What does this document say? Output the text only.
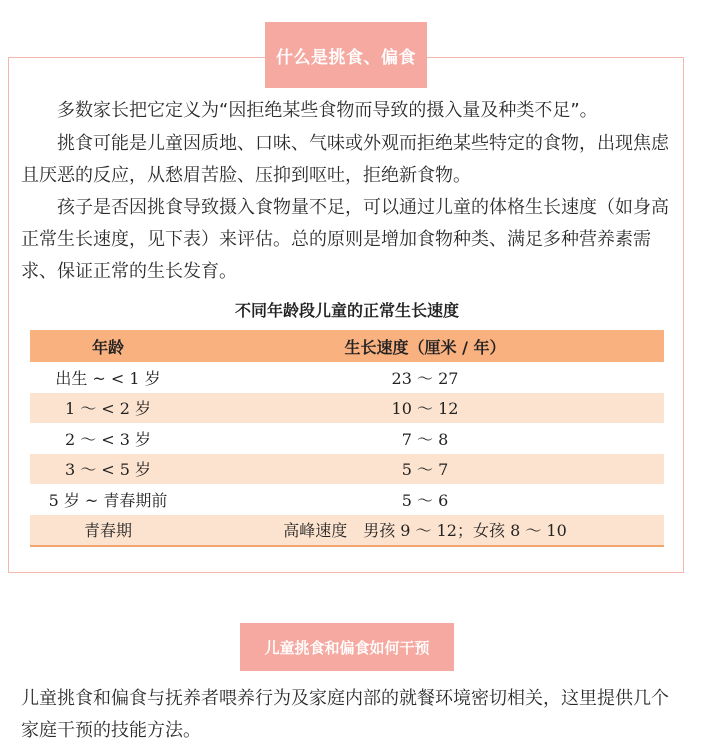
什么是挑食、偏食

多数家长把它定义为“因拒绝某些食物而导致的摄入量及种类不足”。

挑食可能是儿童因质地、口味、气味或外观而拒绝某些特定的食物，出现焦虑且厌恶的反应，从愁眉苦脸、压抑到呕吐，拒绝新食物。

孩子是否因挑食导致摄入食物量不足，可以通过儿童的体格生长速度（如身高正常生长速度，见下表）来评估。总的原则是增加食物种类、满足多种营养素需求、保证正常的生长发育。

不同年龄段儿童的正常生长速度
年龄	生长速度（厘米 / 年）
出生 ~ < 1 岁	23 ～ 27
1 ～ < 2 岁	10 ～ 12
2 ～ < 3 岁	7 ～ 8
3 ～ < 5 岁	5 ～ 7
5 岁 ~ 青春期前	5 ～ 6
青春期	高峰速度　男孩 9 ～ 12；女孩 8 ～ 10
儿童挑食和偏食如何干预

儿童挑食和偏食与抚养者喂养行为及家庭内部的就餐环境密切相关，这里提供几个家庭干预的技能方法。
